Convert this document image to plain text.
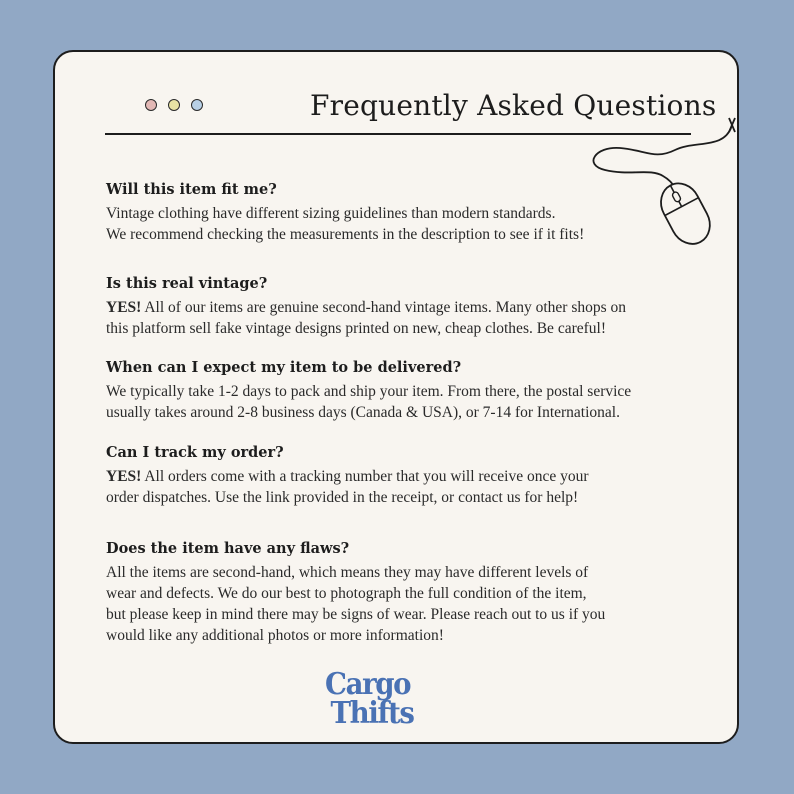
Frequently Asked Questions
Will this item fit me?
Vintage clothing have different sizing guidelines than modern standards.
We recommend checking the measurements in the description to see if it fits!
Is this real vintage?
YES! All of our items are genuine second-hand vintage items. Many other shops on
this platform sell fake vintage designs printed on new, cheap clothes. Be careful!
When can I expect my item to be delivered?
We typically take 1-2 days to pack and ship your item. From there, the postal service
usually takes around 2-8 business days (Canada & USA), or 7-14 for International.
Can I track my order?
YES! All orders come with a tracking number that you will receive once your
order dispatches. Use the link provided in the receipt, or contact us for help!
Does the item have any flaws?
All the items are second-hand, which means they may have different levels of
wear and defects. We do our best to photograph the full condition of the item,
but please keep in mind there may be signs of wear. Please reach out to us if you
would like any additional photos or more information!
Cargo
Thifts
